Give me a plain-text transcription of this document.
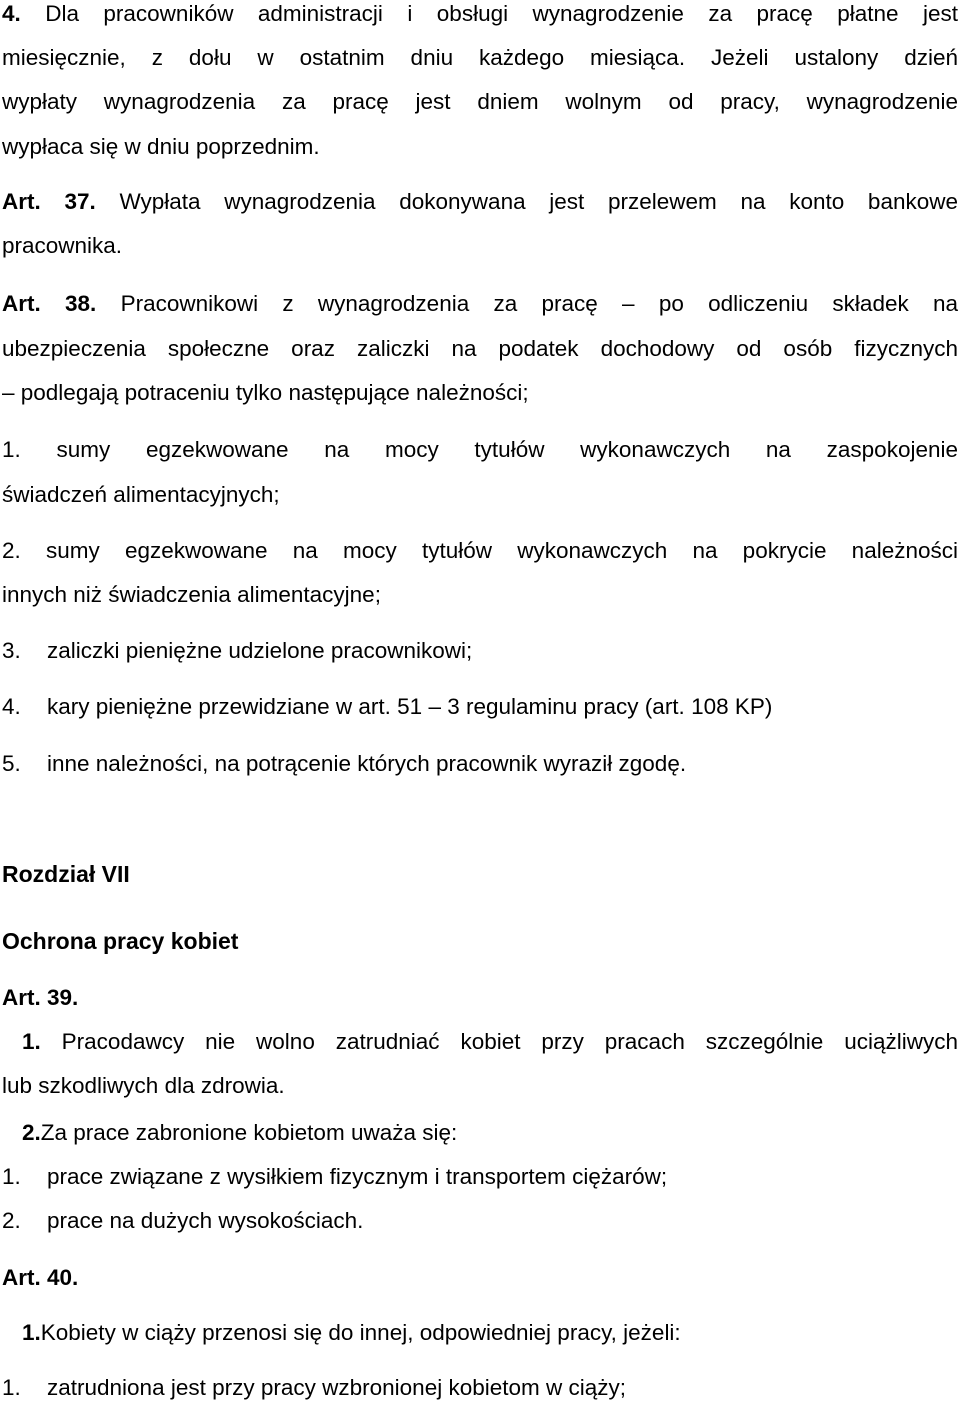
4. Dla pracowników administracji i obsługi wynagrodzenie za pracę płatne jest
miesięcznie, z dołu w ostatnim dniu każdego miesiąca. Jeżeli ustalony dzień
wypłaty wynagrodzenia za pracę jest dniem wolnym od pracy, wynagrodzenie
wypłaca się w dniu poprzednim.
Art. 37. Wypłata wynagrodzenia dokonywana jest przelewem na konto bankowe
pracownika.
Art. 38. Pracownikowi z wynagrodzenia za pracę – po odliczeniu składek na
ubezpieczenia społeczne oraz zaliczki na podatek dochodowy od osób fizycznych
– podlegają potraceniu tylko następujące należności;
1. sumy egzekwowane na mocy tytułów wykonawczych na zaspokojenie
świadczeń alimentacyjnych;
2. sumy egzekwowane na mocy tytułów wykonawczych na pokrycie należności
innych niż świadczenia alimentacyjne;
3. zaliczki pieniężne udzielone pracownikowi;
4. kary pieniężne przewidziane w art. 51 – 3 regulaminu pracy (art. 108 KP)
5. inne należności, na potrącenie których pracownik wyraził zgodę.
Rozdział VII
Ochrona pracy kobiet
Art. 39.
1. Pracodawcy nie wolno zatrudniać kobiet przy pracach szczególnie uciążliwych
lub szkodliwych dla zdrowia.
2.Za prace zabronione kobietom uważa się:
1. prace związane z wysiłkiem fizycznym i transportem ciężarów;
2. prace na dużych wysokościach.
Art. 40.
1.Kobiety w ciąży przenosi się do innej, odpowiedniej pracy, jeżeli:
1. zatrudniona jest przy pracy wzbronionej kobietom w ciąży;
